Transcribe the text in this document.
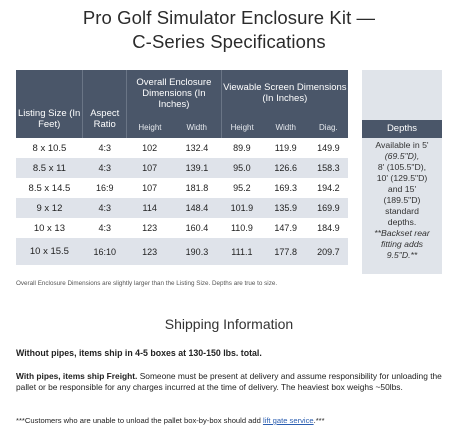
Pro Golf Simulator Enclosure Kit —
C-Series Specifications
Listing Size (In Feet)	Aspect Ratio	Overall Enclosure Dimensions (In Inches)		Viewable Screen Dimensions (In Inches)		
		Height	Width	Height	Width	Diag.
8 x 10.5	4:3	102	132.4	89.9	119.9	149.9
8.5 x 11	4:3	107	139.1	95.0	126.6	158.3
8.5 x 14.5	16:9	107	181.8	95.2	169.3	194.2
9 x 12	4:3	114	148.4	101.9	135.9	169.9
10 x 13	4:3	123	160.4	110.9	147.9	184.9
10 x 15.5	16:10	123	190.3	111.1	177.8	209.7
Depths
Available in 5'
(69.5"D),
8' (105.5"D),
10' (129.5"D)
and 15'
(189.5"D)
standard
depths.
**Backset rear
fitting adds
9.5"D.**
Overall Enclosure Dimensions are slightly larger than the Listing Size. Depths are true to size.
Shipping Information
Without pipes, items ship in 4-5 boxes at 130-150 lbs. total.
With pipes, items ship Freight. Someone must be present at delivery and assume responsibility for unloading the pallet or be responsible for any charges incurred at the time of delivery. The heaviest box weighs ~50lbs.
***Customers who are unable to unload the pallet box-by-box should add lift gate service.***
